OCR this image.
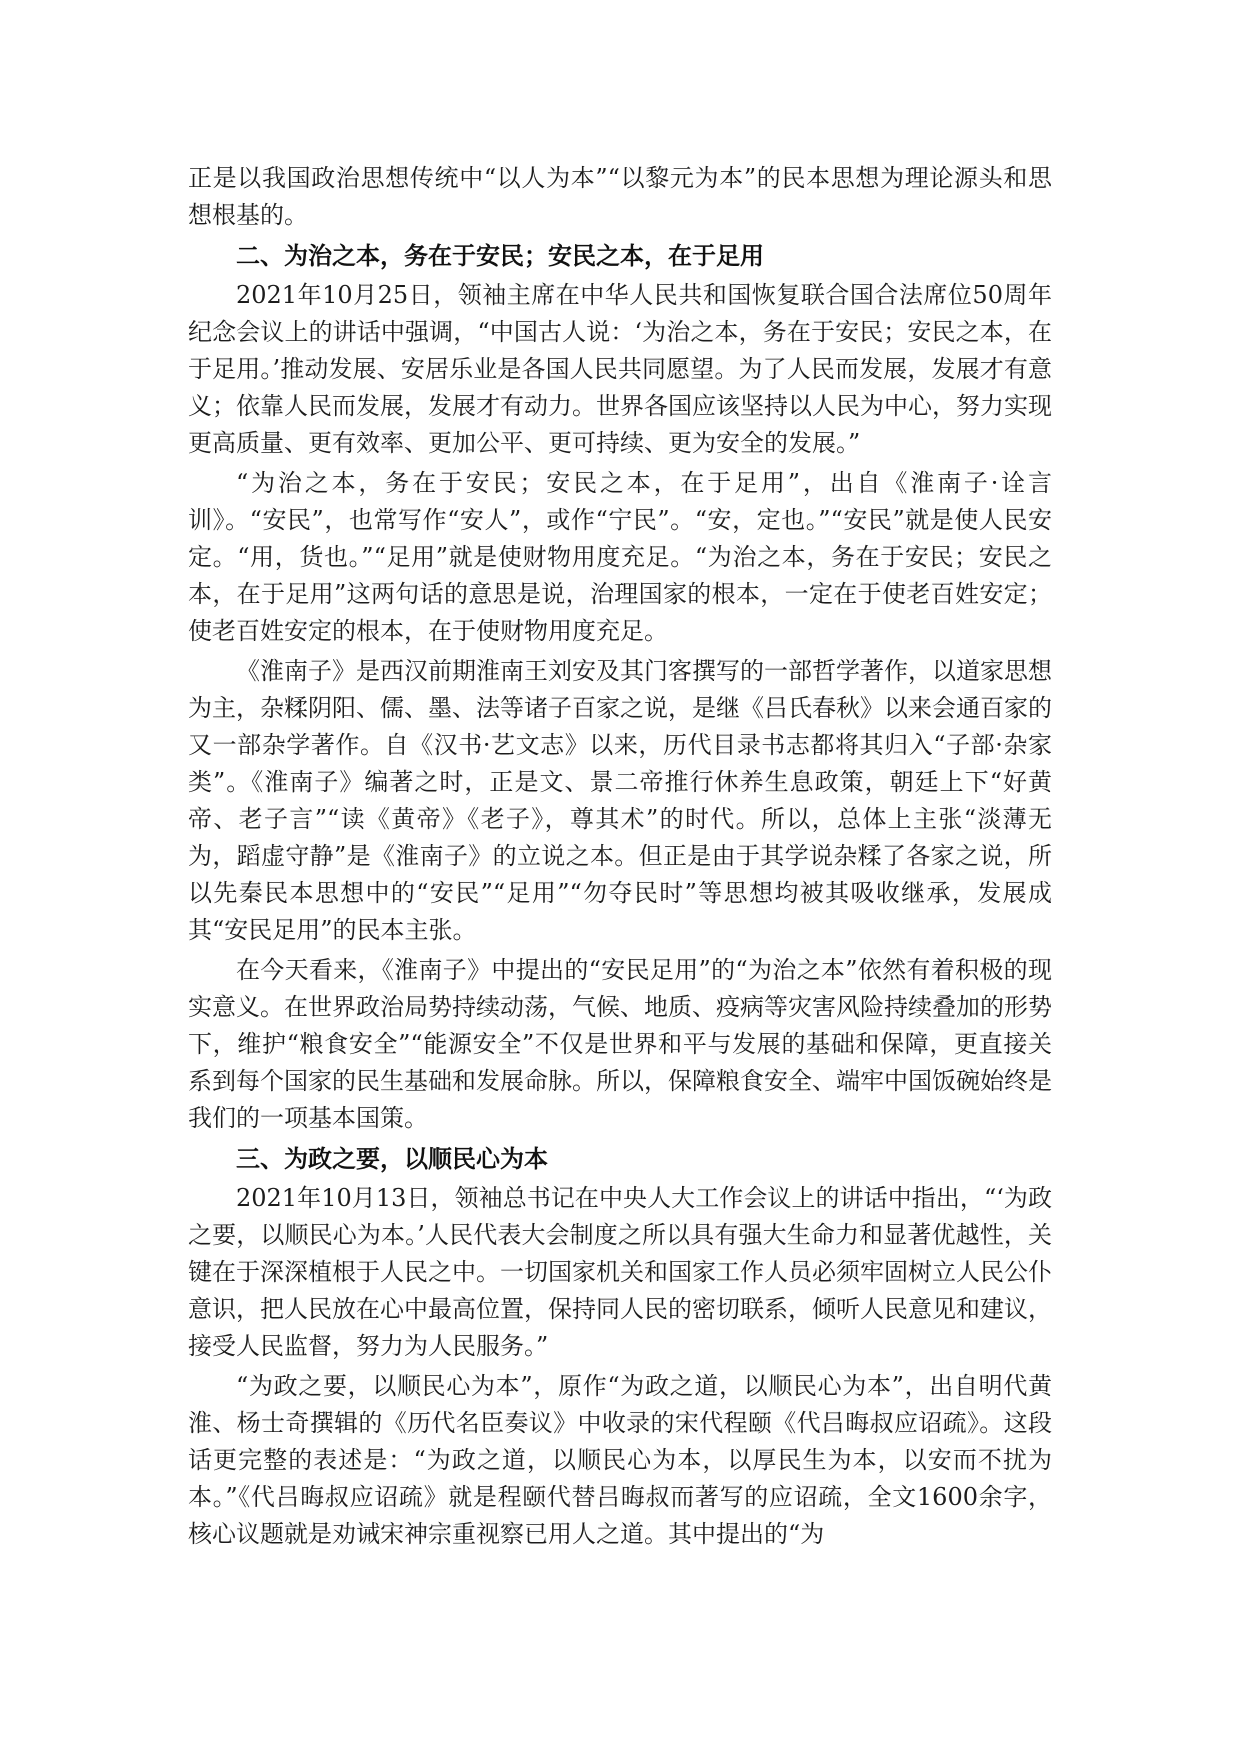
正是以我国政治思想传统中“以人为本”“以黎元为本”的民本思想为理论源头和思想根基的。

二、为治之本，务在于安民；安民之本，在于足用

2021年10月25日，领袖主席在中华人民共和国恢复联合国合法席位50周年纪念会议上的讲话中强调，“中国古人说：‘为治之本，务在于安民；安民之本，在于足用。’推动发展、安居乐业是各国人民共同愿望。为了人民而发展，发展才有意义；依靠人民而发展，发展才有动力。世界各国应该坚持以人民为中心，努力实现更高质量、更有效率、更加公平、更可持续、更为安全的发展。”

“为治之本，务在于安民；安民之本，在于足用”，出自《淮南子·诠言训》。“安民”，也常写作“安人”，或作“宁民”。“安，定也。”“安民”就是使人民安定。“用，货也。”“足用”就是使财物用度充足。“为治之本，务在于安民；安民之本，在于足用”这两句话的意思是说，治理国家的根本，一定在于使老百姓安定；使老百姓安定的根本，在于使财物用度充足。

《淮南子》是西汉前期淮南王刘安及其门客撰写的一部哲学著作，以道家思想为主，杂糅阴阳、儒、墨、法等诸子百家之说，是继《吕氏春秋》以来会通百家的又一部杂学著作。自《汉书·艺文志》以来，历代目录书志都将其归入“子部·杂家类”。《淮南子》编著之时，正是文、景二帝推行休养生息政策，朝廷上下“好黄帝、老子言”“读《黄帝》《老子》，尊其术”的时代。所以，总体上主张“淡薄无为，蹈虚守静”是《淮南子》的立说之本。但正是由于其学说杂糅了各家之说，所以先秦民本思想中的“安民”“足用”“勿夺民时”等思想均被其吸收继承，发展成其“安民足用”的民本主张。

在今天看来，《淮南子》中提出的“安民足用”的“为治之本”依然有着积极的现实意义。在世界政治局势持续动荡，气候、地质、疫病等灾害风险持续叠加的形势下，维护“粮食安全”“能源安全”不仅是世界和平与发展的基础和保障，更直接关系到每个国家的民生基础和发展命脉。所以，保障粮食安全、端牢中国饭碗始终是我们的一项基本国策。

三、为政之要，以顺民心为本

2021年10月13日，领袖总书记在中央人大工作会议上的讲话中指出，“‘为政之要，以顺民心为本。’人民代表大会制度之所以具有强大生命力和显著优越性，关键在于深深植根于人民之中。一切国家机关和国家工作人员必须牢固树立人民公仆意识，把人民放在心中最高位置，保持同人民的密切联系，倾听人民意见和建议，接受人民监督，努力为人民服务。”

“为政之要，以顺民心为本”，原作“为政之道，以顺民心为本”，出自明代黄淮、杨士奇撰辑的《历代名臣奏议》中收录的宋代程颐《代吕晦叔应诏疏》。这段话更完整的表述是：“为政之道，以顺民心为本，以厚民生为本，以安而不扰为本。”《代吕晦叔应诏疏》就是程颐代替吕晦叔而著写的应诏疏，全文1600余字，核心议题就是劝诫宋神宗重视察已用人之道。其中提出的“为
